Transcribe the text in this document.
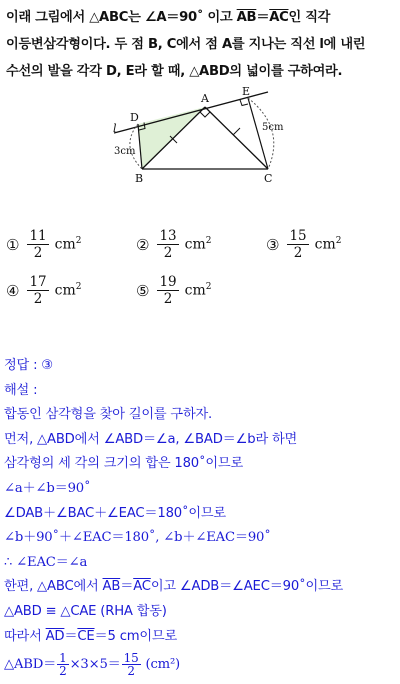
이래 그림에서 △ABC는 ∠A＝90˚ 이고 $\overline{AB}=\overline{AC}$인 직각
이등변삼각형이다. 두 점 B, C에서 점 A를 지나는 직선 l에 내린
수선의 발을 각각 D, E라 할 때, △ABD의 넓이를 구하여라.
A
B	C
D
E
l
3cm
5cm
① $\frac{11}{2} cm^2$	② $\frac{13}{2} cm^2$	③ $\frac{15}{2} cm^2$
④ $\frac{17}{2} cm^2$	⑤ $\frac{19}{2} cm^2$
정답 : ③
해설 :
합동인 삼각형을 찾아 길이를 구하자.
먼저, △ABD에서 ∠ABD＝∠a, ∠BAD＝∠b라 하면
삼각형의 세 각의 크기의 합은 180˚이므로
∠a＋∠b＝90˚
∠DAB＋∠BAC＋∠EAC＝180˚이므로
∠b＋90˚＋∠EAC＝180˚, ∠b＋∠EAC＝90˚
∴ ∠EAC＝∠a
한편, △ABC에서 $\overline{AB}=\overline{AC}$이고 ∠ADB＝∠AEC＝90˚이므로
△ABD ≡ △CAE (RHA 합동)
따라서 $\overline{AD}=\overline{CE}=5$ cm이므로
△ABD＝ $\frac{1}{2} \times 3\times 5= \frac{15}{2} (cm^2)$
